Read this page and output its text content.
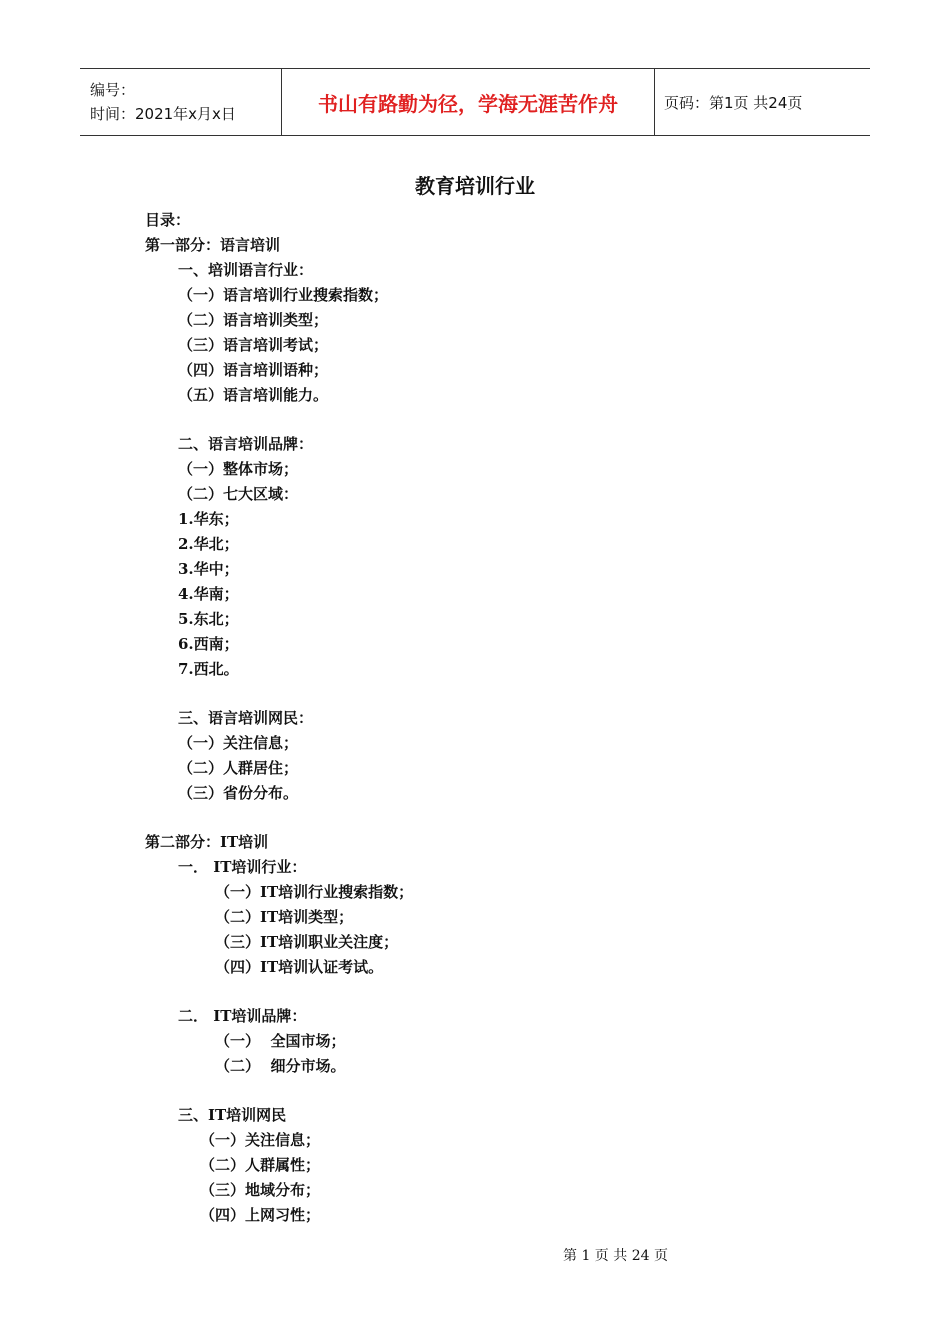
编号：
时间：2021年x月x日	书山有路勤为径，学海无涯苦作舟	页码：第1页 共24页
教育培训行业
目录：
第一部分：语言培训
一、培训语言行业：
（一）语言培训行业搜索指数；
（二）语言培训类型；
（三）语言培训考试；
（四）语言培训语种；
（五）语言培训能力。
二、语言培训品牌：
（一）整体市场；
（二）七大区域：
1.华东；
2.华北；
3.华中；
4.华南；
5.东北；
6.西南；
7.西北。
三、语言培训网民：
（一）关注信息；
（二）人群居住；
（三）省份分布。
第二部分：IT培训
一． IT培训行业：
（一）IT培训行业搜索指数；
（二）IT培训类型；
（三）IT培训职业关注度；
（四）IT培训认证考试。
二． IT培训品牌：
（一）  全国市场；
（二）  细分市场。
三、IT培训网民
（一）关注信息；
（二）人群属性；
（三）地域分布；
（四）上网习性；
第 1 页 共 24 页
